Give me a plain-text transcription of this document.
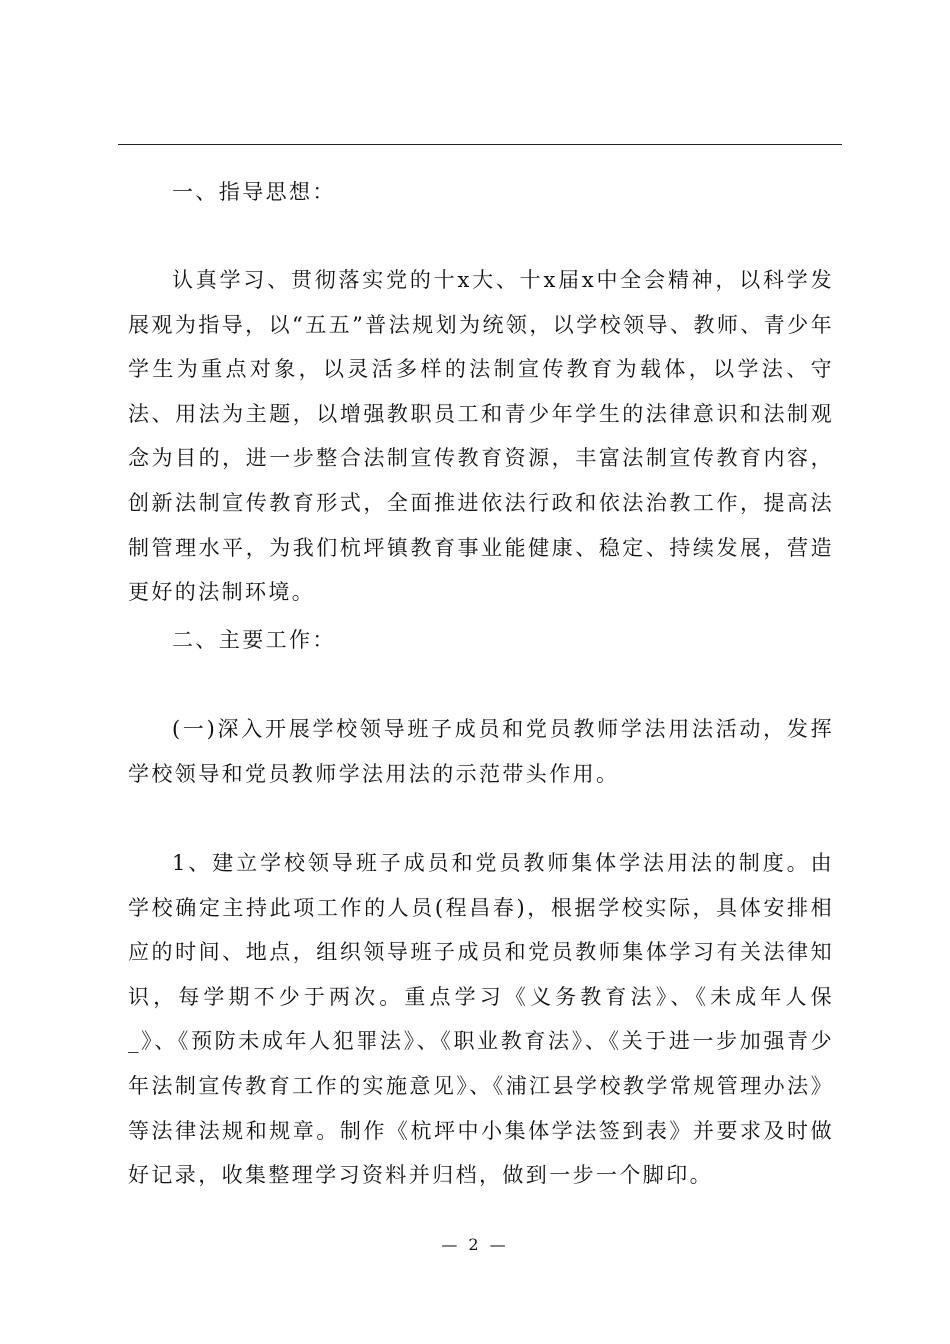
一、指导思想：

认真学习、贯彻落实党的十x大、十x届x中全会精神，以科学发展观为指导，以“五五”普法规划为统领，以学校领导、教师、青少年学生为重点对象，以灵活多样的法制宣传教育为载体，以学法、守法、用法为主题，以增强教职员工和青少年学生的法律意识和法制观念为目的，进一步整合法制宣传教育资源，丰富法制宣传教育内容，创新法制宣传教育形式，全面推进依法行政和依法治教工作，提高法制管理水平，为我们杭坪镇教育事业能健康、稳定、持续发展，营造更好的法制环境。

二、主要工作：

(一)深入开展学校领导班子成员和党员教师学法用法活动，发挥学校领导和党员教师学法用法的示范带头作用。

1、建立学校领导班子成员和党员教师集体学法用法的制度。由学校确定主持此项工作的人员(程昌春)，根据学校实际，具体安排相应的时间、地点，组织领导班子成员和党员教师集体学习有关法律知识，每学期不少于两次。重点学习《义务教育法》、《未成年人保_》、《预防未成年人犯罪法》、《职业教育法》、《关于进一步加强青少年法制宣传教育工作的实施意见》、《浦江县学校教学常规管理办法》等法律法规和规章。制作《杭坪中小集体学法签到表》并要求及时做好记录，收集整理学习资料并归档，做到一步一个脚印。

— 2 —
